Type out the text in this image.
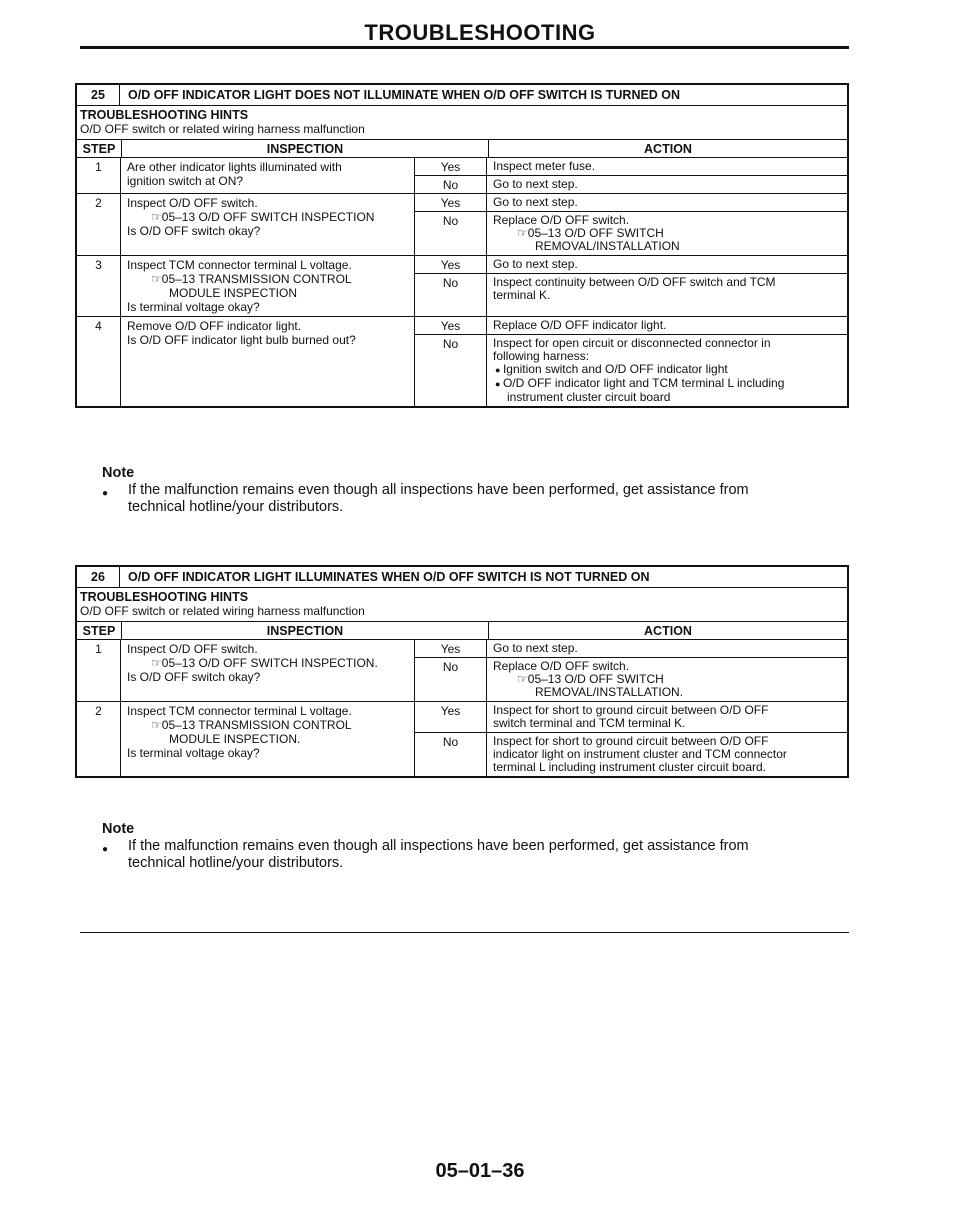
TROUBLESHOOTING
25	O/D OFF INDICATOR LIGHT DOES NOT ILLUMINATE WHEN O/D OFF SWITCH IS TURNED ON
TROUBLESHOOTING HINTS
O/D OFF switch or related wiring harness malfunction
STEP	INSPECTION	ACTION
1	Are other indicator lights illuminated with
ignition switch at ON?
Yes	Inspect meter fuse.
No	Go to next step.
2	Inspect O/D OFF switch.
☞ 05–13 O/D OFF SWITCH INSPECTION
Is O/D OFF switch okay?
Yes	Go to next step.
No	Replace O/D OFF switch.
☞ 05–13 O/D OFF SWITCH
REMOVAL/INSTALLATION
3	Inspect TCM connector terminal L voltage.
☞ 05–13 TRANSMISSION CONTROL
MODULE INSPECTION
Is terminal voltage okay?
Yes	Go to next step.
No	Inspect continuity between O/D OFF switch and TCM
terminal K.
4	Remove O/D OFF indicator light.
Is O/D OFF indicator light bulb burned out?
Yes	Replace O/D OFF indicator light.
No	Inspect for open circuit or disconnected connector in
following harness:
● Ignition switch and O/D OFF indicator light
● O/D OFF indicator light and TCM terminal L including
instrument cluster circuit board
Note
●	If the malfunction remains even though all inspections have been performed, get assistance from technical hotline/your distributors.
26	O/D OFF INDICATOR LIGHT ILLUMINATES WHEN O/D OFF SWITCH IS NOT TURNED ON
TROUBLESHOOTING HINTS
O/D OFF switch or related wiring harness malfunction
STEP	INSPECTION	ACTION
1	Inspect O/D OFF switch.
☞ 05–13 O/D OFF SWITCH INSPECTION.
Is O/D OFF switch okay?
Yes	Go to next step.
No	Replace O/D OFF switch.
☞ 05–13 O/D OFF SWITCH
REMOVAL/INSTALLATION.
2	Inspect TCM connector terminal L voltage.
☞ 05–13 TRANSMISSION CONTROL
MODULE INSPECTION.
Is terminal voltage okay?
Yes	Inspect for short to ground circuit between O/D OFF
switch terminal and TCM terminal K.
No	Inspect for short to ground circuit between O/D OFF
indicator light on instrument cluster and TCM connector
terminal L including instrument cluster circuit board.
Note
●	If the malfunction remains even though all inspections have been performed, get assistance from technical hotline/your distributors.
05–01–36
